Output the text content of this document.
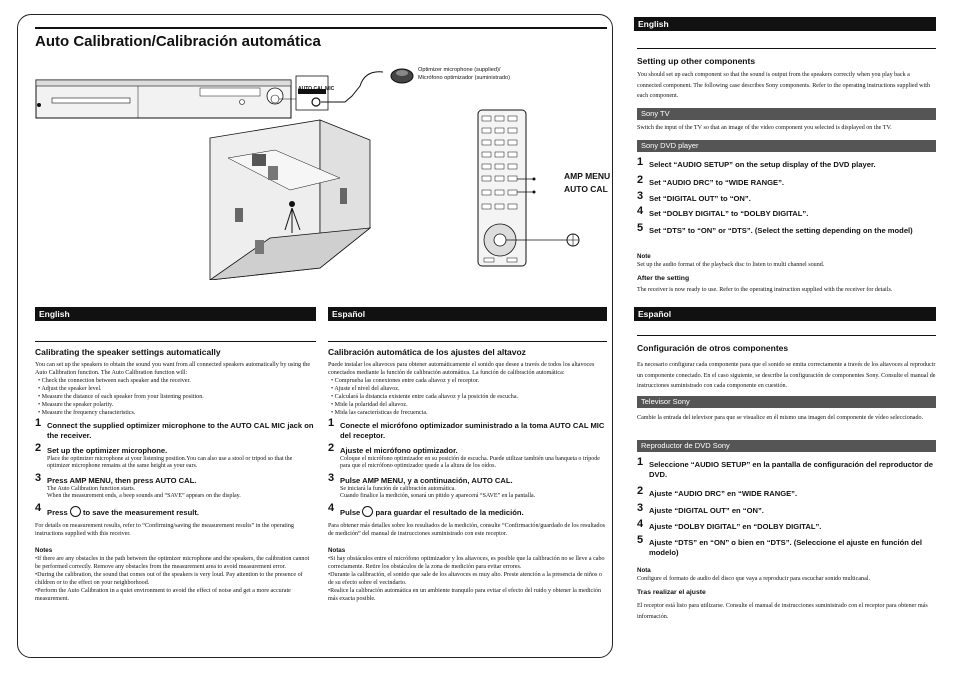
Auto Calibration/Calibración automática
AUTO CAL MIC
Optimizer microphone (supplied)/
Micrófono optimizador (suministrado)
AMP MENU
AUTO CAL
English
Calibrating the speaker settings automatically
You can set up the speakers to obtain the sound you want from all connected speakers automatically by using the Auto Calibration function. The Auto Calibration function will:
• Check the connection between each speaker and the receiver.
• Adjust the speaker level.
• Measure the distance of each speaker from your listening position.
• Measure the speaker polarity.
• Measure the frequency characteristics.
1 Connect the supplied optimizer microphone to the AUTO CAL MIC jack on the receiver.
2 Set up the optimizer microphone.
Place the optimizer microphone at your listening position.You can also use a stool or tripod so that the optimizer microphone remains at the same height as your ears.
3 Press AMP MENU, then press AUTO CAL.
The Auto Calibration function starts.
When the measurement ends, a beep sounds and “SAVE” appears on the display.
4 Press to save the measurement result.
For details on measurement results, refer to “Confirming/saving the measurement results” in the operating instructions supplied with this receiver.
Notes
•If there are any obstacles in the path between the optimizer microphone and the speakers, the calibration cannot be performed correctly. Remove any obstacles from the measurement area to avoid measurement error.
•During the calibration, the sound that comes out of the speakers is very loud. Pay attention to the presence of children or to the effect on your neighborhood.
•Perform the Auto Calibration in a quiet environment to avoid the effect of noise and get a more accurate measurement.
Español
Calibración automática de los ajustes del altavoz
Puede instalar los altavoces para obtener automáticamente el sonido que desee a través de todos los altavoces conectados mediante la función de calibración automática. La función de calibración automática:
• Comprueba las conexiones entre cada altavoz y el receptor.
• Ajuste el nivel del altavoz.
• Calculará la distancia existente entre cada altavoz y la posición de escucha.
• Mide la polaridad del altavoz.
• Mida las características de frecuencia.
1 Conecte el micrófono optimizador suministrado a la toma AUTO CAL MIC del receptor.
2 Ajuste el micrófono optimizador.
Coloque el micrófono optimizador en su posición de escucha. Puede utilizar también una banqueta o trípode para que el micrófono optimizador quede a la altura de los oídos.
3 Pulse AMP MENU, y a continuación, AUTO CAL.
Se iniciará la función de calibración automática.
Cuando finalice la medición, sonará un pitido y aparecerá “SAVE” en la pantalla.
4 Pulse para guardar el resultado de la medición.
Para obtener más detalles sobre los resultados de la medición, consulte “Confirmación/guardado de los resultados de medición” del manual de instrucciones suministrado con este receptor.
Notas
•Si hay obstáculos entre el micrófono optimizador y los altavoces, es posible que la calibración no se lleve a cabo correctamente. Retire los obstáculos de la zona de medición para evitar errores.
•Durante la calibración, el sonido que sale de los altavoces es muy alto. Preste atención a la presencia de niños o de su efecto sobre el vecindario.
•Realice la calibración automática en un ambiente tranquilo para evitar el efecto del ruido y obtener la medición más exacta posible.
English
Setting up other components
You should set up each component so that the sound is output from the speakers correctly when you play back a connected component. The following case describes Sony components. Refer to the operating instructions supplied with each component.
Sony TV
Switch the input of the TV so that an image of the video component you selected is displayed on the TV.
Sony DVD player
1 Select “AUDIO SETUP” on the setup display of the DVD player.
2 Set “AUDIO DRC” to “WIDE RANGE”.
3 Set “DIGITAL OUT” to “ON”.
4 Set “DOLBY DIGITAL” to “DOLBY DIGITAL”.
5 Set “DTS” to “ON” or “DTS”. (Select the setting depending on the model)
Note
Set up the audio format of the playback disc to listen to multi channel sound.
After the setting
The receiver is now ready to use. Refer to the operating instruction supplied with the receiver for details.
Español
Configuración de otros componentes
Es necesario configurar cada componente para que el sonido se emita correctamente a través de los altavoces al reproducir un componente conectado. En el caso siguiente, se describe la configuración de componentes Sony. Consulte el manual de instrucciones suministrado con cada componente en cuestión.
Televisor Sony
Cambie la entrada del televisor para que se visualice en él mismo una imagen del componente de vídeo seleccionado.
Reproductor de DVD Sony
1 Seleccione “AUDIO SETUP” en la pantalla de configuración del reproductor de DVD.
2 Ajuste “AUDIO DRC” en “WIDE RANGE”.
3 Ajuste “DIGITAL OUT” en “ON”.
4 Ajuste “DOLBY DIGITAL” en “DOLBY DIGITAL”.
5 Ajuste “DTS” en “ON” o bien en “DTS”. (Seleccione el ajuste en función del modelo)
Nota
Configure el formato de audio del disco que vaya a reproducir para escuchar sonido multicanal.
Tras realizar el ajuste
El receptor está listo para utilizarse. Consulte el manual de instrucciones suministrado con el receptor para obtener más información.
